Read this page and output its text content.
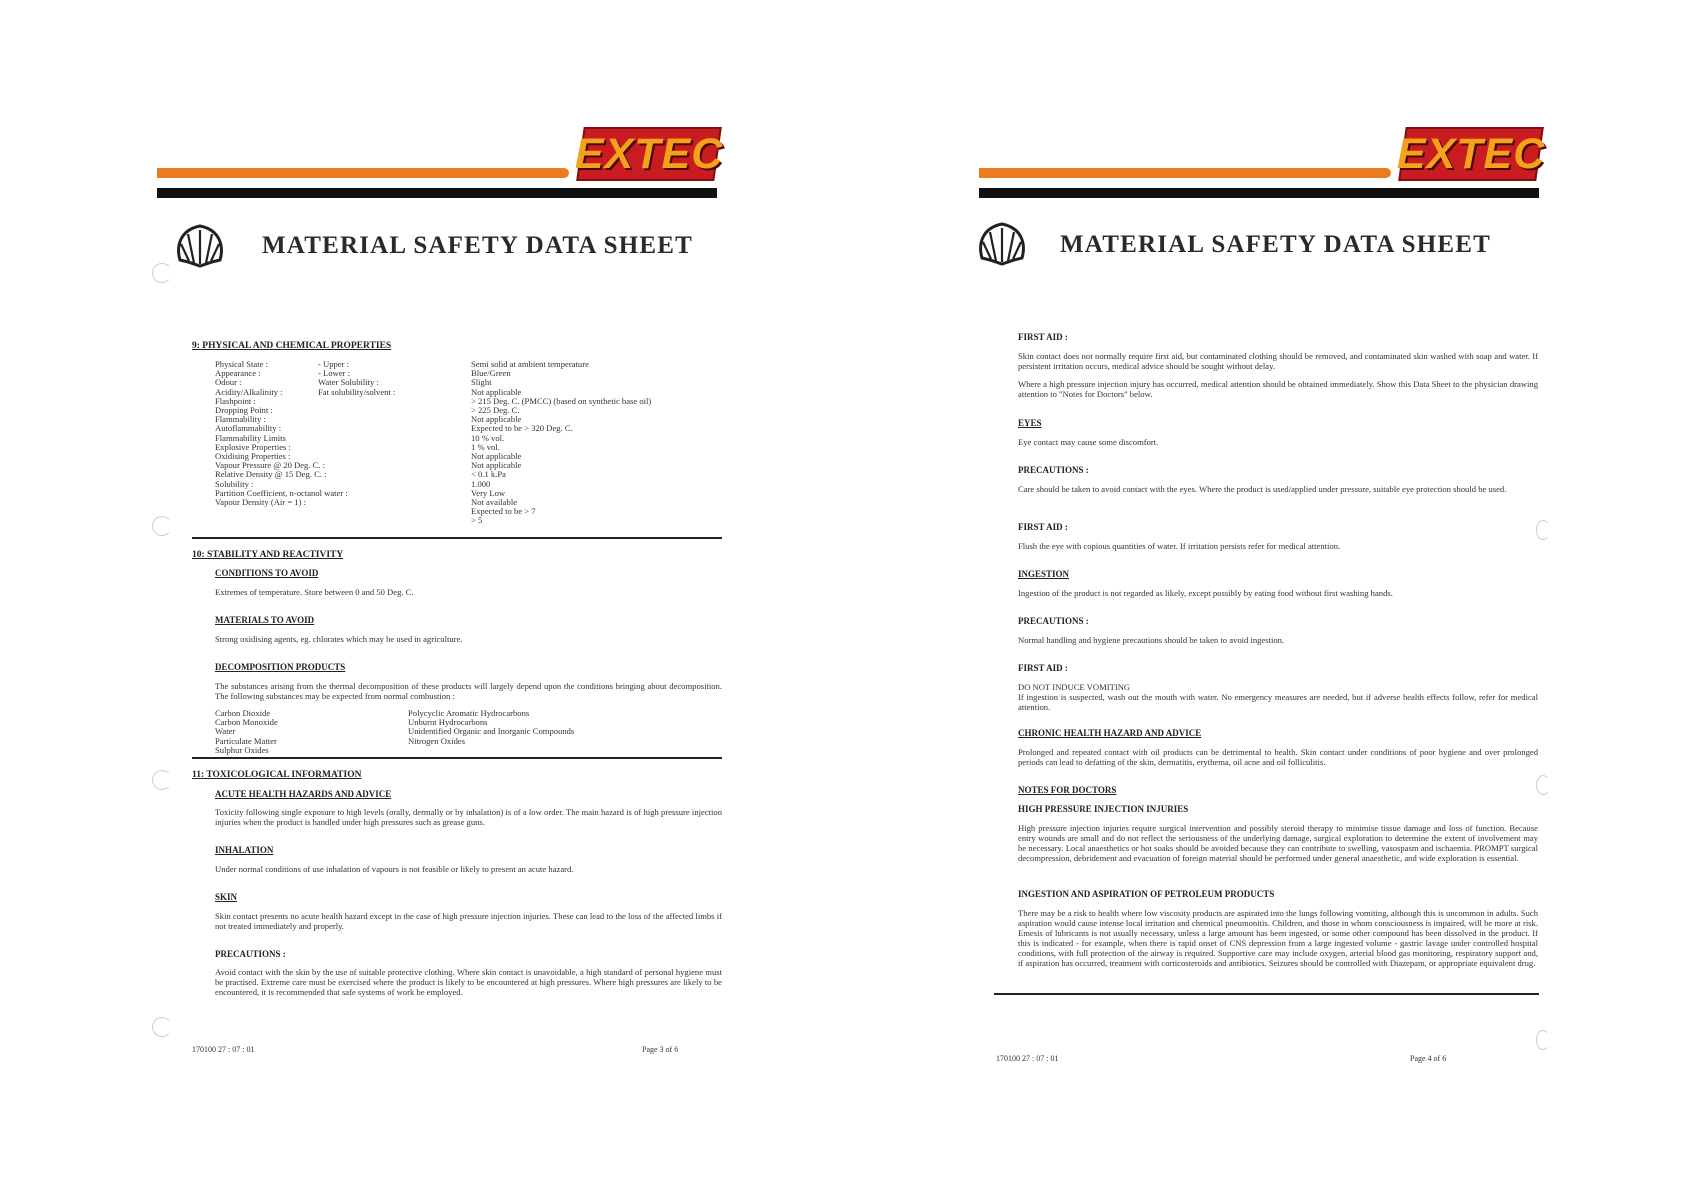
EXTEC
MATERIAL SAFETY DATA SHEET
9: PHYSICAL AND CHEMICAL PROPERTIES
Physical State :
Appearance :
Odour :
Acidity/Alkalinity :
Flashpoint :
Dropping Point :
Flammability :
Autoflammability :
Flammability Limits
Explosive Properties :
Oxidising Properties :
Vapour Pressure @ 20 Deg. C. :
Relative Density @ 15 Deg. C. :
Solubility :
Partition Coefficient, n-octanol water :
Vapour Density (Air = 1) :
- Upper :
- Lower :
Water Solubility :
Fat solubility/solvent :
Semi solid at ambient temperature
Blue/Green
Slight
Not applicable
> 215 Deg. C. (PMCC) (based on synthetic base oil)
> 225 Deg. C.
Not applicable
Expected to be > 320 Deg. C.
10 % vol.
1 % vol.
Not applicable
Not applicable
< 0.1 k.Pa
1.000
Very Low
Not available
Expected to be > 7
> 5
10: STABILITY AND REACTIVITY
CONDITIONS TO AVOID
Extremes of temperature. Store between 0 and 50 Deg. C.
MATERIALS TO AVOID
Strong oxidising agents, eg. chlorates which may be used in agriculture.
DECOMPOSITION PRODUCTS
The substances arising from the thermal decomposition of these products will largely depend upon the conditions bringing about decomposition. The following substances may be expected from normal combustion :
Carbon Dioxide
Carbon Monoxide
Water
Particulate Matter
Sulphur Oxides
Polycyclic Aromatic Hydrocarbons
Unburnt Hydrocarbons
Unidentified Organic and Inorganic Compounds
Nitrogen Oxides
11: TOXICOLOGICAL INFORMATION
ACUTE HEALTH HAZARDS AND ADVICE
Toxicity following single exposure to high levels (orally, dermally or by inhalation) is of a low order. The main hazard is of high pressure injection injuries when the product is handled under high pressures such as grease guns.
INHALATION
Under normal conditions of use inhalation of vapours is not feasible or likely to present an acute hazard.
SKIN
Skin contact presents no acute health hazard except in the case of high pressure injection injuries. These can lead to the loss of the affected limbs if not treated immediately and properly.
PRECAUTIONS :
Avoid contact with the skin by the use of suitable protective clothing. Where skin contact is unavoidable, a high standard of personal hygiene must be practised. Extreme care must be exercised where the product is likely to be encountered at high pressures. Where high pressures are likely to be encountered, it is recommended that safe systems of work be employed.
170100 27 : 07 : 01	Page 3 of 6
EXTEC
MATERIAL SAFETY DATA SHEET
FIRST AID :
Skin contact does not normally require first aid, but contaminated clothing should be removed, and contaminated skin washed with soap and water. If persistent irritation occurs, medical advice should be sought without delay.
Where a high pressure injection injury has occurred, medical attention should be obtained immediately. Show this Data Sheet to the physician drawing attention to "Notes for Doctors" below.
EYES
Eye contact may cause some discomfort.
PRECAUTIONS :
Care should be taken to avoid contact with the eyes. Where the product is used/applied under pressure, suitable eye protection should be used.
FIRST AID :
Flush the eye with copious quantities of water. If irritation persists refer for medical attention.
INGESTION
Ingestion of the product is not regarded as likely, except possibly by eating food without first washing hands.
PRECAUTIONS :
Normal handling and hygiene precautions should be taken to avoid ingestion.
FIRST AID :
DO NOT INDUCE VOMITING
If ingestion is suspected, wash out the mouth with water. No emergency measures are needed, but if adverse health effects follow, refer for medical attention.
CHRONIC HEALTH HAZARD AND ADVICE
Prolonged and repeated contact with oil products can be detrimental to health. Skin contact under conditions of poor hygiene and over prolonged periods can lead to defatting of the skin, dermatitis, erythema, oil acne and oil folliculitis.
NOTES FOR DOCTORS
HIGH PRESSURE INJECTION INJURIES
High pressure injection injuries require surgical intervention and possibly steroid therapy to minimise tissue damage and loss of function. Because entry wounds are small and do not reflect the seriousness of the underlying damage, surgical exploration to determine the extent of involvement may be necessary. Local anaesthetics or hot soaks should be avoided because they can contribute to swelling, vasospasm and ischaemia. PROMPT surgical decompression, debridement and evacuation of foreign material should be performed under general anaesthetic, and wide exploration is essential.
INGESTION AND ASPIRATION OF PETROLEUM PRODUCTS
There may be a risk to health where low viscosity products are aspirated into the lungs following vomiting, although this is uncommon in adults. Such aspiration would cause intense local irritation and chemical pneumonitis. Children, and those in whom consciousness is impaired, will be more at risk. Emesis of lubricants is not usually necessary, unless a large amount has been ingested, or some other compound has been dissolved in the product. If this is indicated - for example, when there is rapid onset of CNS depression from a large ingested volume - gastric lavage under controlled hospital conditions, with full protection of the airway is required. Supportive care may include oxygen, arterial blood gas monitoring, respiratory support and, if aspiration has occurred, treatment with corticosteroids and antibiotics. Seizures should be controlled with Diazepam, or appropriate equivalent drug.
170100 27 : 07 : 01	Page 4 of 6
